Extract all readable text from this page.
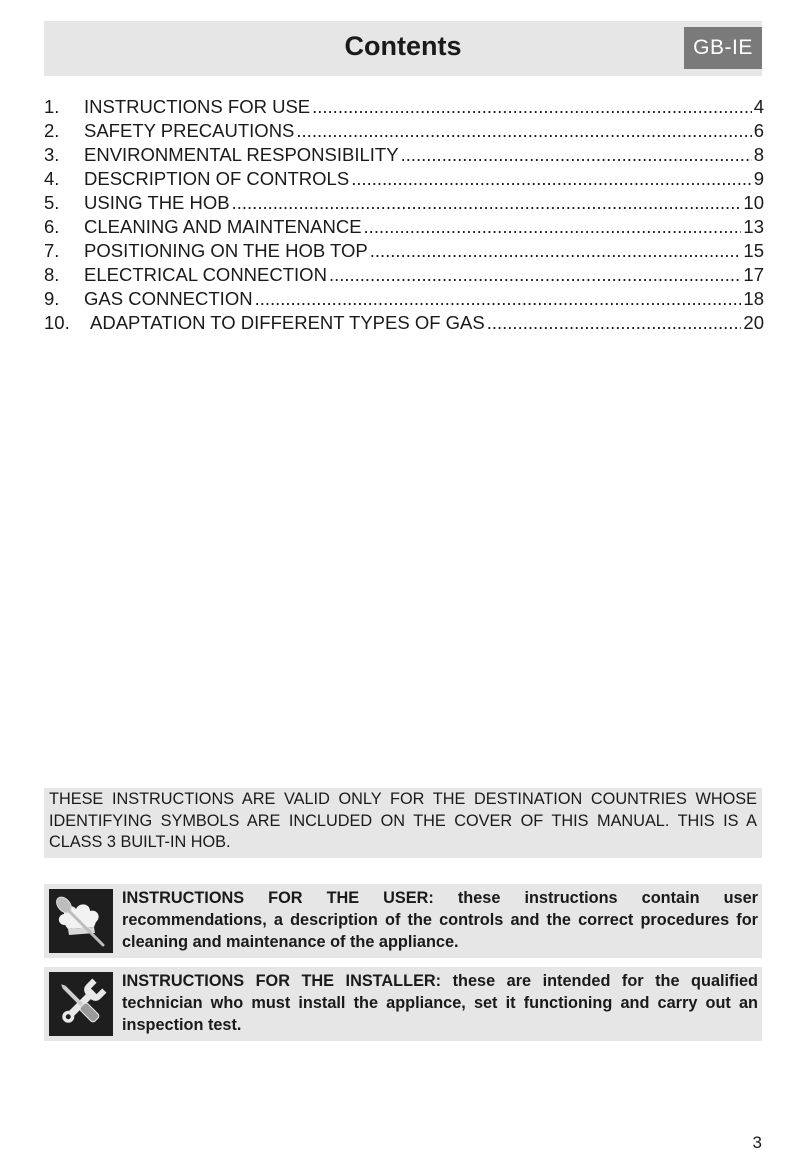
Contents	GB-IE
1.	INSTRUCTIONS FOR USE .....	4
2.	SAFETY PRECAUTIONS .....	6
3.	ENVIRONMENTAL RESPONSIBILITY .....	8
4.	DESCRIPTION OF CONTROLS .....	9
5.	USING THE HOB .....	10
6.	CLEANING AND MAINTENANCE .....	13
7.	POSITIONING ON THE HOB TOP .....	15
8.	ELECTRICAL CONNECTION .....	17
9.	GAS CONNECTION .....	18
10.	ADAPTATION TO DIFFERENT TYPES OF GAS .....	20
THESE INSTRUCTIONS ARE VALID ONLY FOR THE DESTINATION COUNTRIES WHOSE IDENTIFYING SYMBOLS ARE INCLUDED ON THE COVER OF THIS MANUAL. THIS IS A CLASS 3 BUILT-IN HOB.
INSTRUCTIONS FOR THE USER: these instructions contain user recommendations, a description of the controls and the correct procedures for cleaning and maintenance of the appliance.
INSTRUCTIONS FOR THE INSTALLER: these are intended for the qualified technician who must install the appliance, set it functioning and carry out an inspection test.
3
